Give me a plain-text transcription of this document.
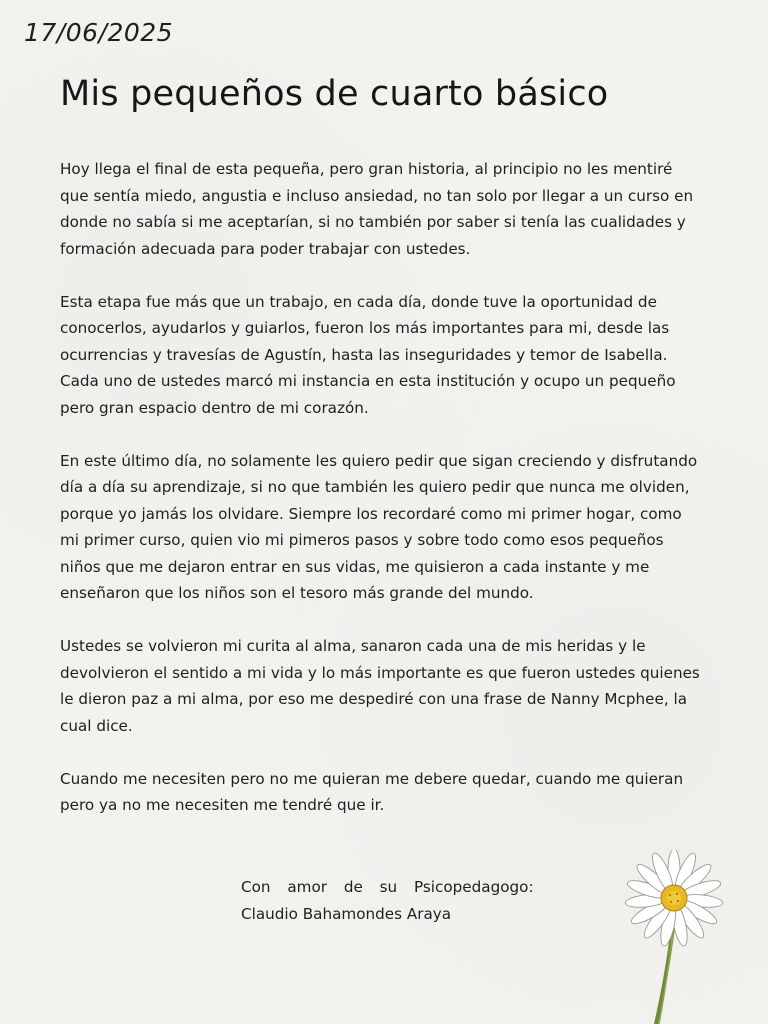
17/06/2025
Mis pequeños de cuarto básico

Hoy llega el final de esta pequeña, pero gran historia, al principio no les mentiré que sentía miedo, angustia e incluso ansiedad, no tan solo por llegar a un curso en donde no sabía si me aceptarían, si no también por saber si tenía las cualidades y formación adecuada para poder trabajar con ustedes.

Esta etapa fue más que un trabajo, en cada día, donde tuve la oportunidad de conocerlos, ayudarlos y guiarlos, fueron los más importantes para mi, desde las ocurrencias y travesías de Agustín, hasta las inseguridades y temor de Isabella. Cada uno de ustedes marcó mi instancia en esta institución y ocupo un pequeño pero gran espacio dentro de mi corazón.

En este último día, no solamente les quiero pedir que sigan creciendo y disfrutando día a día su aprendizaje, si no que también les quiero pedir que nunca me olviden, porque yo jamás los olvidare. Siempre los recordaré como mi primer hogar, como mi primer curso, quien vio mi pimeros pasos y sobre todo como esos pequeños niños que me dejaron entrar en sus vidas, me quisieron a cada instante y me enseñaron que los niños son el tesoro más grande del mundo.

Ustedes se volvieron mi curita al alma, sanaron cada una de mis heridas y le devolvieron el sentido a mi vida y lo más importante es que fueron ustedes quienes le dieron paz a mi alma, por eso me despediré con una frase de Nanny Mcphee, la cual dice.

Cuando me necesiten pero no me quieran me debere quedar, cuando me quieran pero ya no me necesiten me tendré que ir.

Con amor de su Psicopedagogo:
Claudio Bahamondes Araya
